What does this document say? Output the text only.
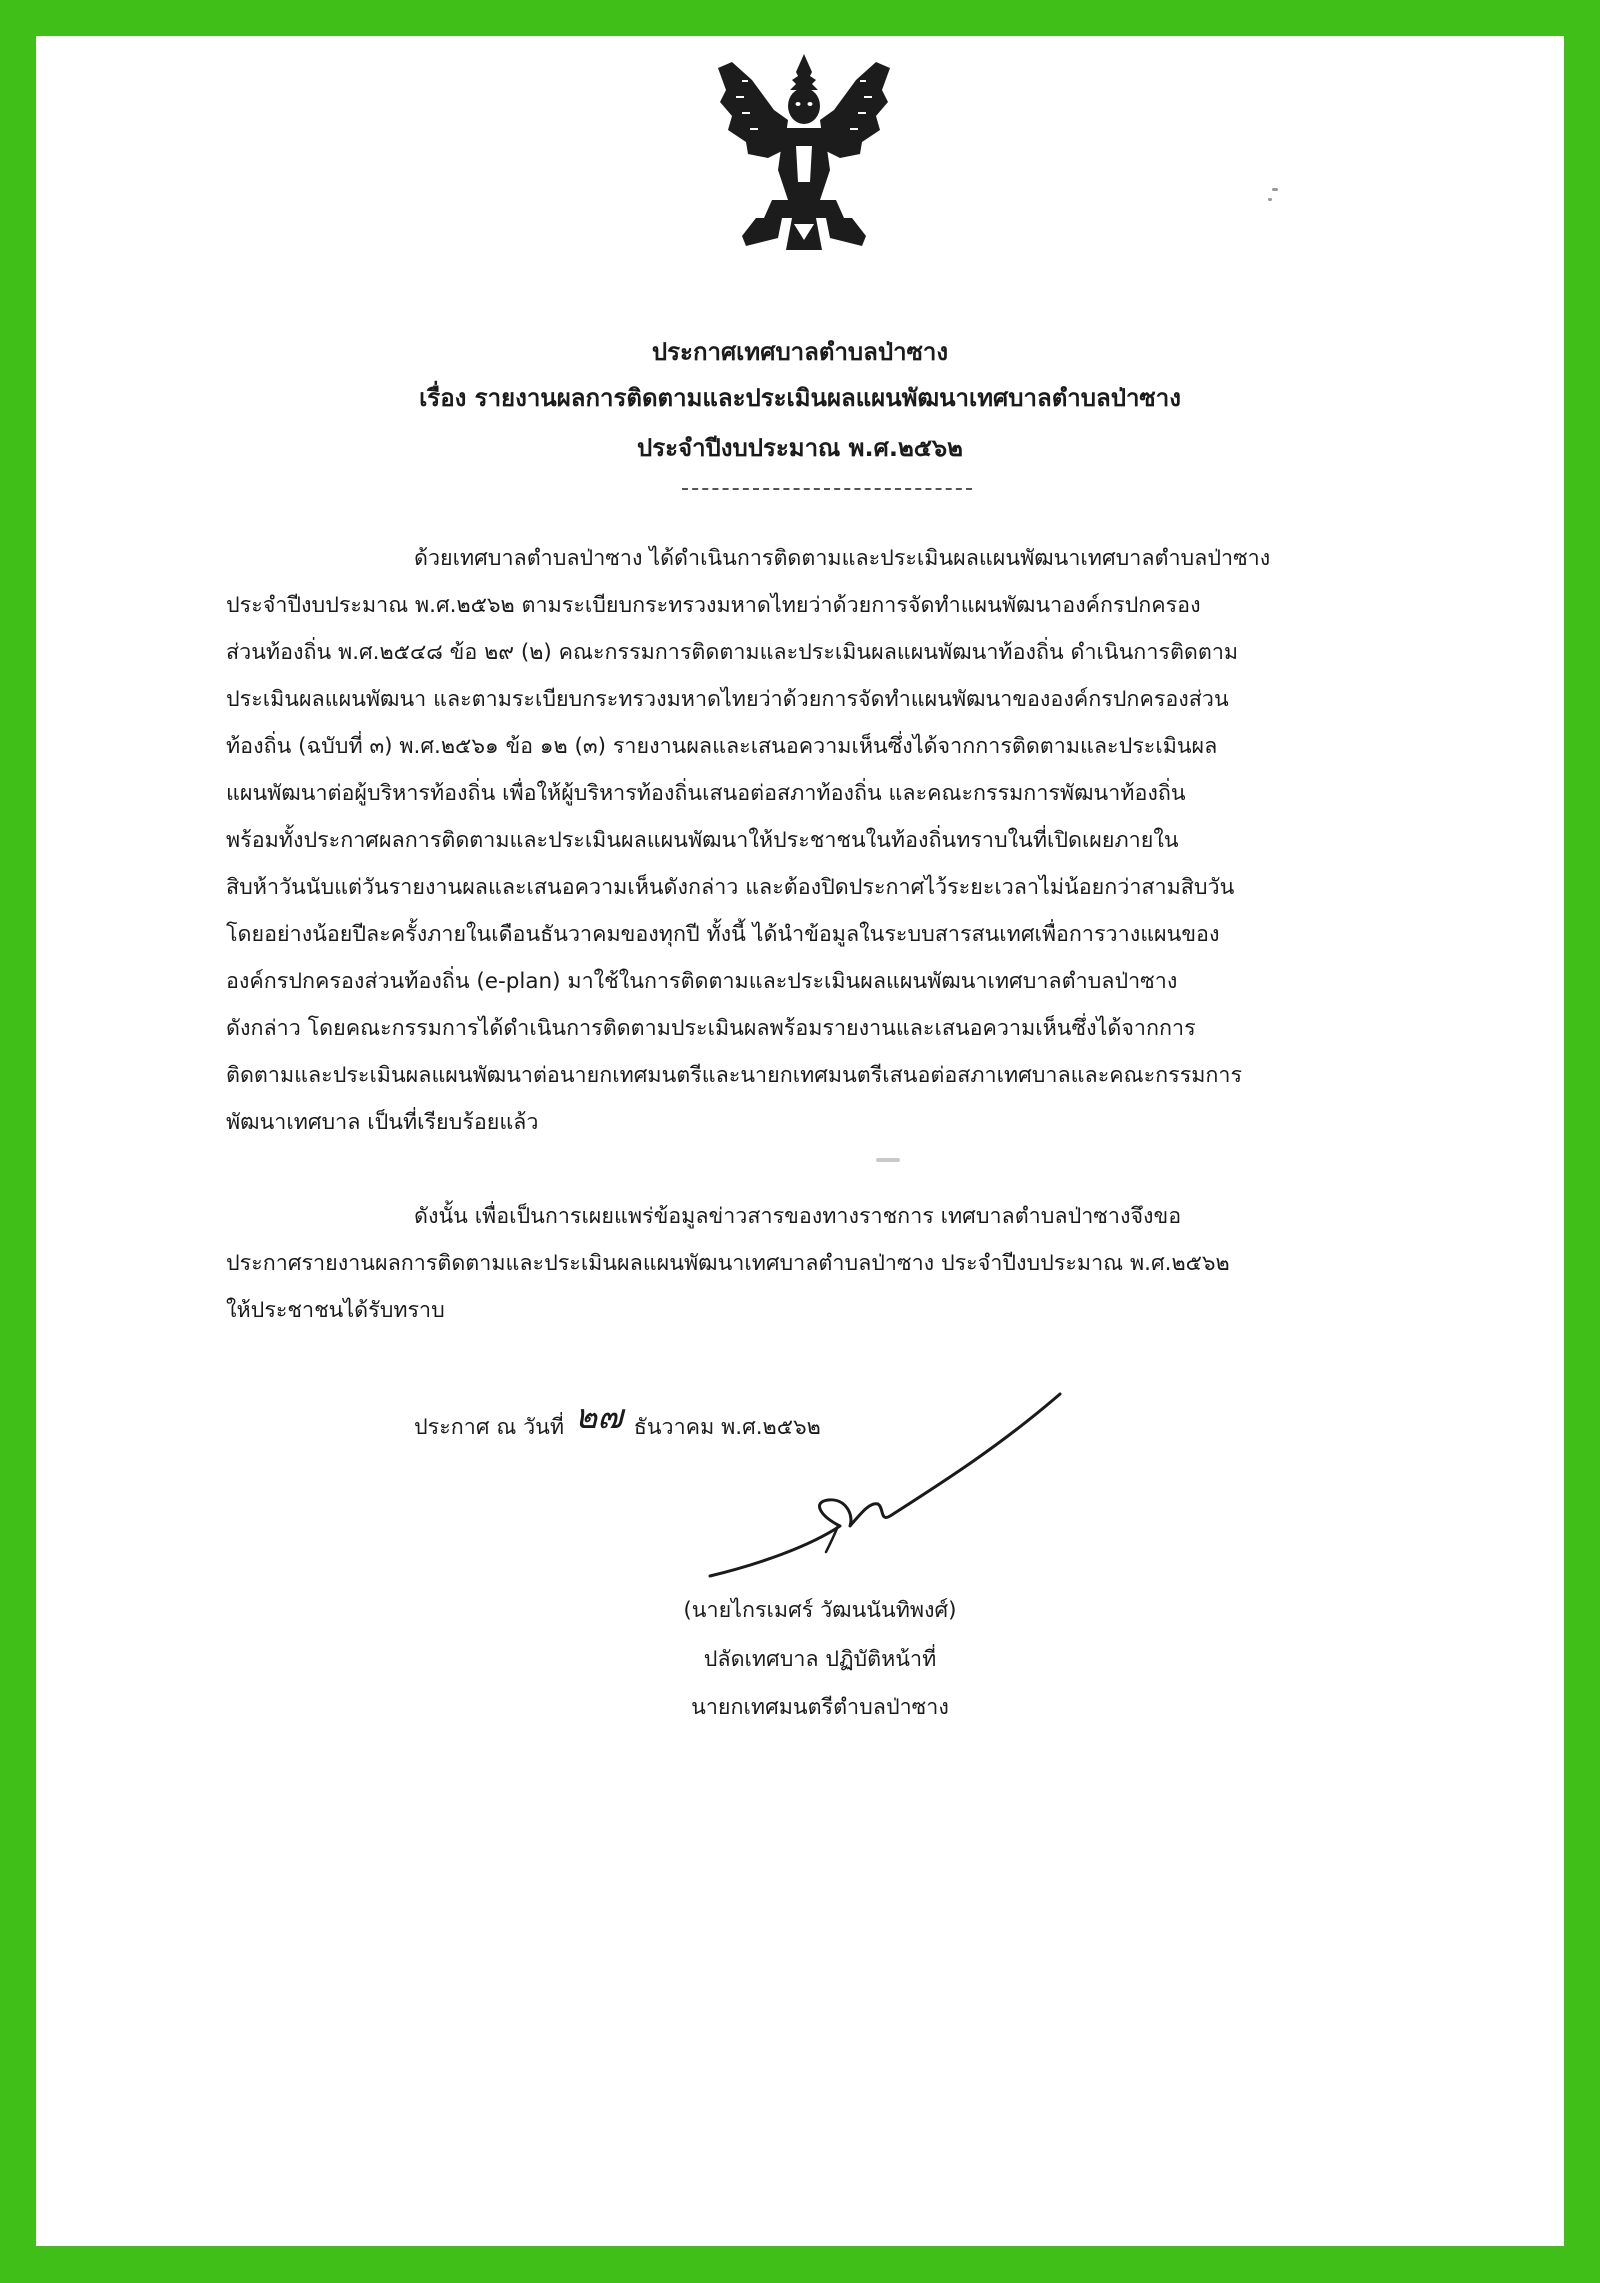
ประกาศเทศบาลตำบลป่าซาง
เรื่อง รายงานผลการติดตามและประเมินผลแผนพัฒนาเทศบาลตำบลป่าซาง
ประจำปีงบประมาณ พ.ศ.๒๕๖๒
ด้วยเทศบาลตำบลป่าซาง ได้ดำเนินการติดตามและประเมินผลแผนพัฒนาเทศบาลตำบลป่าซาง
ประจำปีงบประมาณ พ.ศ.๒๕๖๒ ตามระเบียบกระทรวงมหาดไทยว่าด้วยการจัดทำแผนพัฒนาองค์กรปกครอง
ส่วนท้องถิ่น พ.ศ.๒๕๔๘ ข้อ ๒๙ (๒) คณะกรรมการติดตามและประเมินผลแผนพัฒนาท้องถิ่น ดำเนินการติดตาม
ประเมินผลแผนพัฒนา และตามระเบียบกระทรวงมหาดไทยว่าด้วยการจัดทำแผนพัฒนาขององค์กรปกครองส่วน
ท้องถิ่น (ฉบับที่ ๓) พ.ศ.๒๕๖๑ ข้อ ๑๒ (๓) รายงานผลและเสนอความเห็นซึ่งได้จากการติดตามและประเมินผล
แผนพัฒนาต่อผู้บริหารท้องถิ่น เพื่อให้ผู้บริหารท้องถิ่นเสนอต่อสภาท้องถิ่น และคณะกรรมการพัฒนาท้องถิ่น
พร้อมทั้งประกาศผลการติดตามและประเมินผลแผนพัฒนาให้ประชาชนในท้องถิ่นทราบในที่เปิดเผยภายใน
สิบห้าวันนับแต่วันรายงานผลและเสนอความเห็นดังกล่าว และต้องปิดประกาศไว้ระยะเวลาไม่น้อยกว่าสามสิบวัน
โดยอย่างน้อยปีละครั้งภายในเดือนธันวาคมของทุกปี ทั้งนี้ ได้นำข้อมูลในระบบสารสนเทศเพื่อการวางแผนของ
องค์กรปกครองส่วนท้องถิ่น (e-plan) มาใช้ในการติดตามและประเมินผลแผนพัฒนาเทศบาลตำบลป่าซาง
ดังกล่าว โดยคณะกรรมการได้ดำเนินการติดตามประเมินผลพร้อมรายงานและเสนอความเห็นซึ่งได้จากการ
ติดตามและประเมินผลแผนพัฒนาต่อนายกเทศมนตรีและนายกเทศมนตรีเสนอต่อสภาเทศบาลและคณะกรรมการ
พัฒนาเทศบาล เป็นที่เรียบร้อยแล้ว
ดังนั้น เพื่อเป็นการเผยแพร่ข้อมูลข่าวสารของทางราชการ เทศบาลตำบลป่าซางจึงขอ
ประกาศรายงานผลการติดตามและประเมินผลแผนพัฒนาเทศบาลตำบลป่าซาง ประจำปีงบประมาณ พ.ศ.๒๕๖๒
ให้ประชาชนได้รับทราบ
ประกาศ ณ วันที่ ๒๗ ธันวาคม พ.ศ.๒๕๖๒
(นายไกรเมศร์ วัฒนนันทิพงศ์)
ปลัดเทศบาล ปฏิบัติหน้าที่
นายกเทศมนตรีตำบลป่าซาง
